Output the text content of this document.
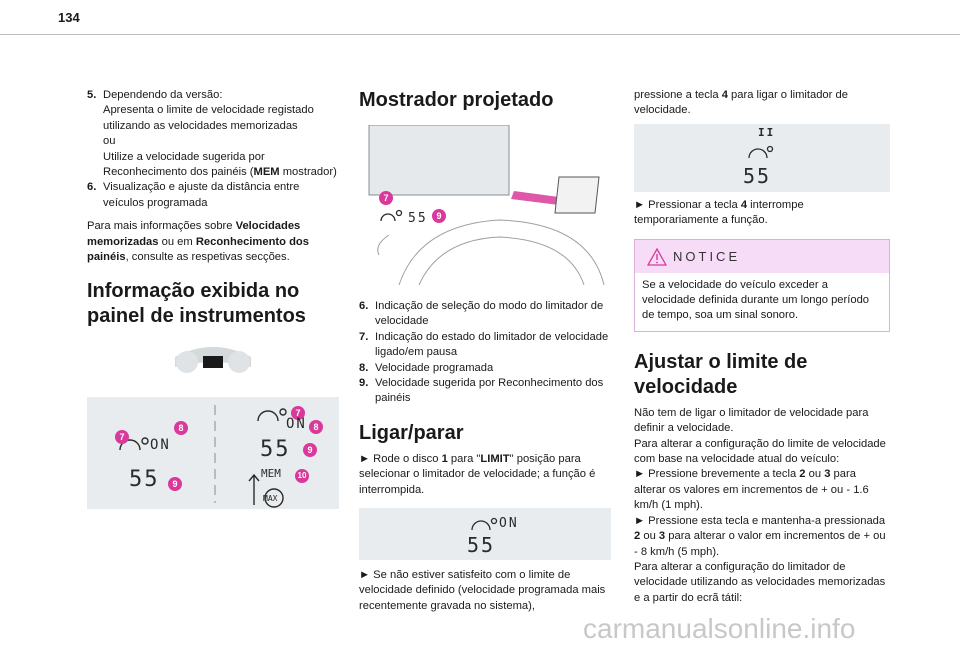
134
5. Dependendo da versão:
Apresenta o limite de velocidade registado utilizando as velocidades memorizadas
ou
Utilize a velocidade sugerida por Reconhecimento dos painéis (MEM mostrador)
6. Visualização e ajuste da distância entre veículos programada

Para mais informações sobre Velocidades memorizadas ou em Reconhecimento dos painéis, consulte as respetivas secções.

Informação exibida no painel de instrumentos
7
8
9
ON
55
7
8
9
10
ON
55
MEM
MAX
Mostrador projetado
7
9
55
6. Indicação de seleção do modo do limitador de velocidade
7. Indicação do estado do limitador de velocidade ligado/em pausa
8. Velocidade programada
9. Velocidade sugerida por Reconhecimento dos painéis
Ligar/parar

► Rode o disco 1 para "LIMIT" posição para selecionar o limitador de velocidade; a função é interrompida.

ON
55

► Se não estiver satisfeito com o limite de velocidade definido (velocidade programada mais recentemente gravada no sistema),

pressione a tecla 4 para ligar o limitador de velocidade.

II
55

► Pressionar a tecla 4 interrompe temporariamente a função.

NOTICE

Se a velocidade do veículo exceder a velocidade definida durante um longo período de tempo, soa um sinal sonoro.

Ajustar o limite de velocidade

Não tem de ligar o limitador de velocidade para definir a velocidade.

Para alterar a configuração do limite de velocidade com base na velocidade atual do veículo:

► Pressione brevemente a tecla 2 ou 3 para alterar os valores em incrementos de + ou - 1.6 km/h (1 mph).

► Pressione esta tecla e mantenha-a pressionada 2 ou 3 para alterar o valor em incrementos de + ou - 8 km/h (5 mph).

Para alterar a configuração do limitador de velocidade utilizando as velocidades memorizadas e a partir do ecrã tátil:

carmanualsonline.info
